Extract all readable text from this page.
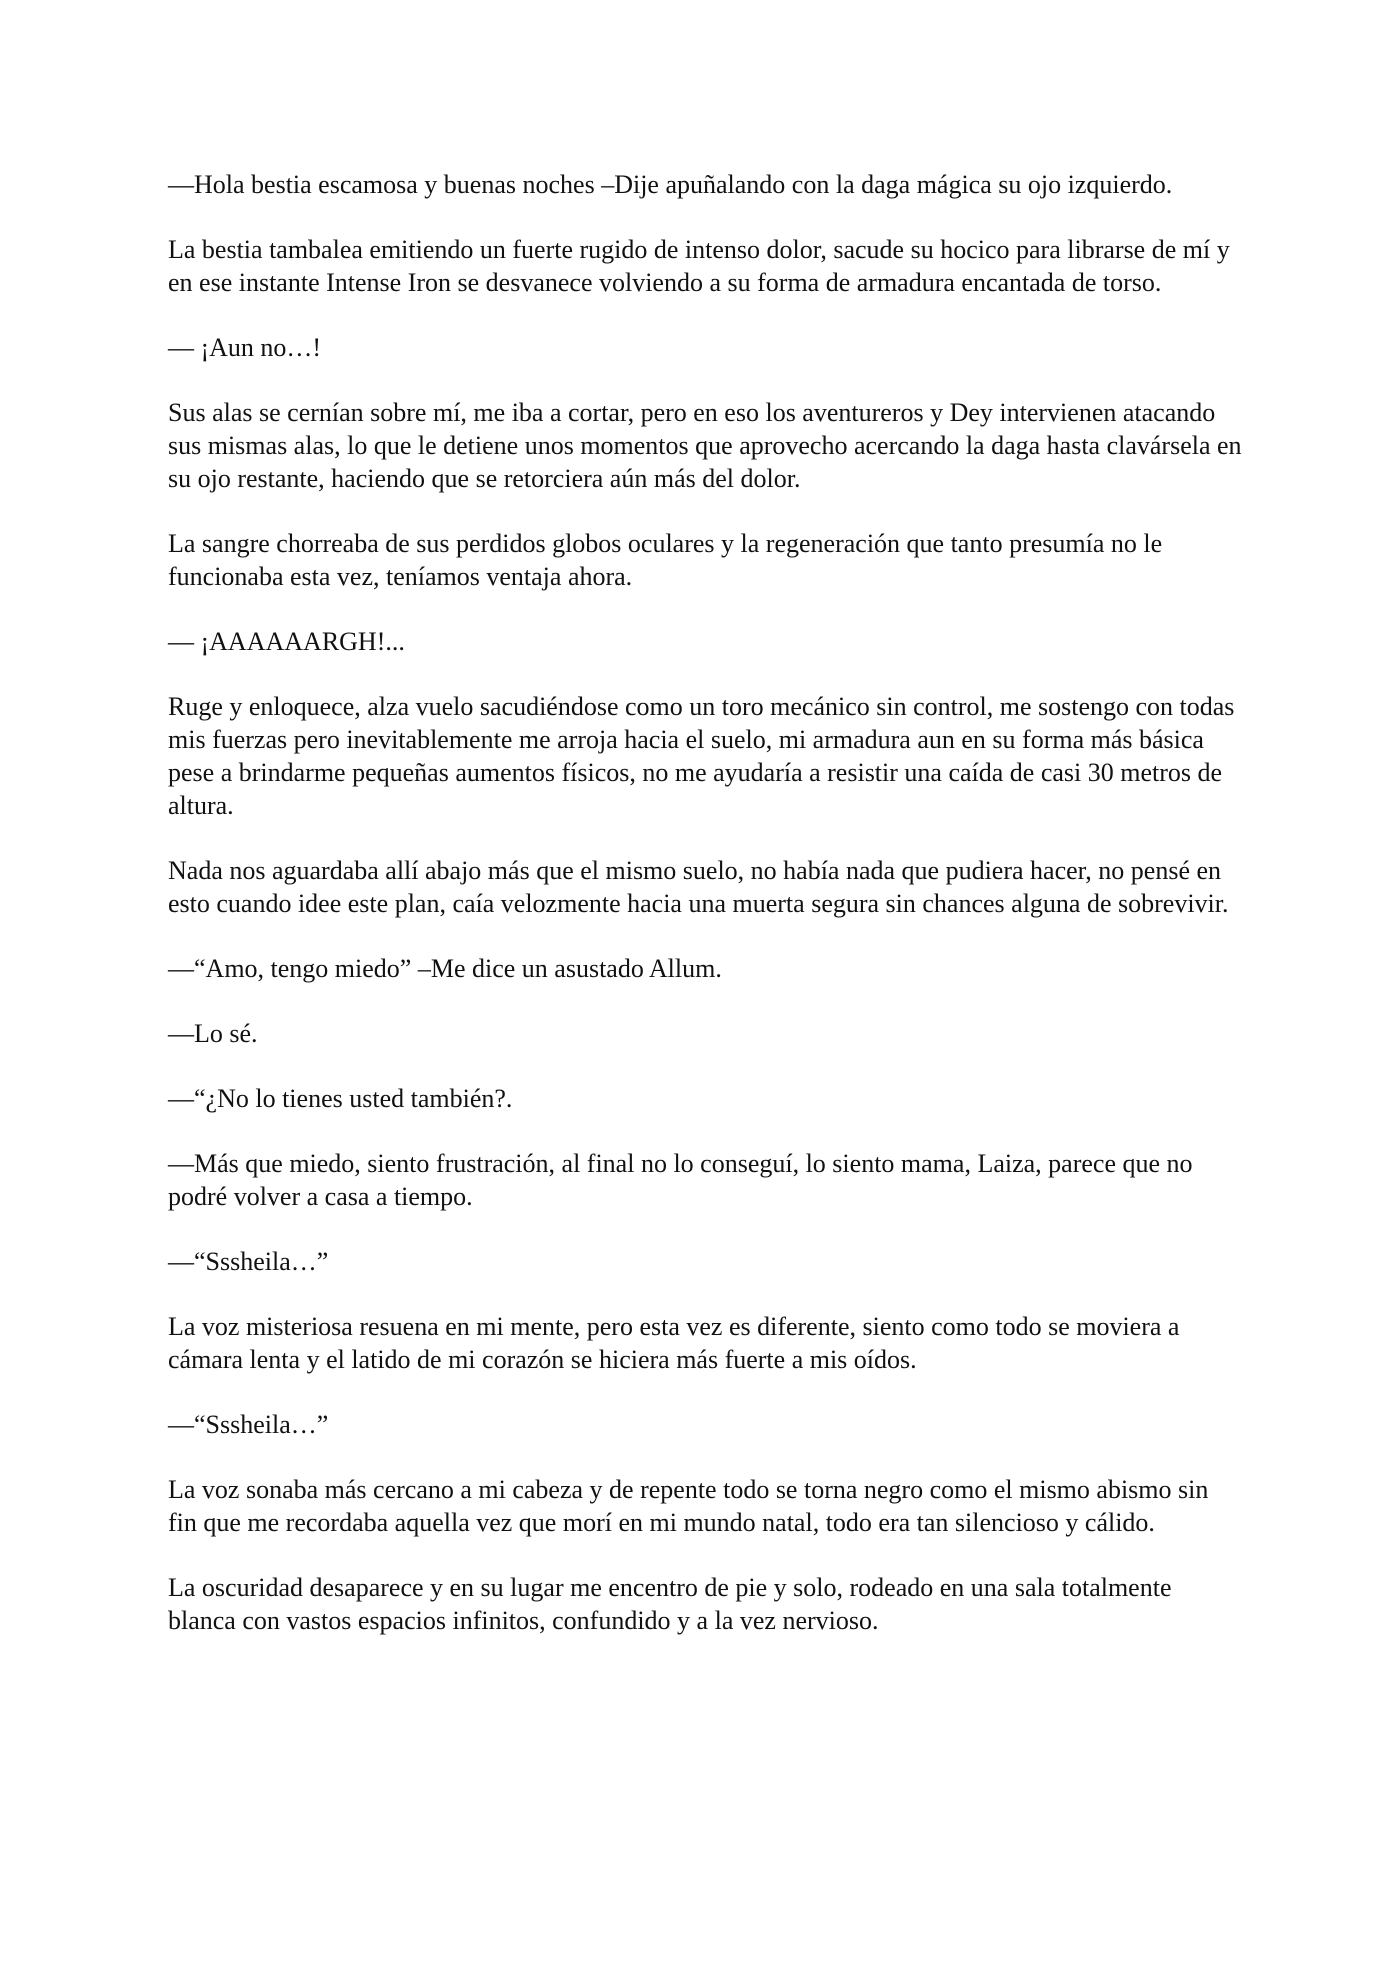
—Hola bestia escamosa y buenas noches –Dije apuñalando con la daga mágica su ojo izquierdo.

La bestia tambalea emitiendo un fuerte rugido de intenso dolor, sacude su hocico para librarse de mí y en ese instante Intense Iron se desvanece volviendo a su forma de armadura encantada de torso.

— ¡Aun no…!

Sus alas se cernían sobre mí, me iba a cortar, pero en eso los aventureros y Dey intervienen atacando sus mismas alas, lo que le detiene unos momentos que aprovecho acercando la daga hasta clavársela en su ojo restante, haciendo que se retorciera aún más del dolor.

La sangre chorreaba de sus perdidos globos oculares y la regeneración que tanto presumía no le funcionaba esta vez, teníamos ventaja ahora.

— ¡AAAAAARGH!...

Ruge y enloquece, alza vuelo sacudiéndose como un toro mecánico sin control, me sostengo con todas mis fuerzas pero inevitablemente me arroja hacia el suelo, mi armadura aun en su forma más básica pese a brindarme pequeñas aumentos físicos, no me ayudaría a resistir una caída de casi 30 metros de altura.

Nada nos aguardaba allí abajo más que el mismo suelo, no había nada que pudiera hacer, no pensé en esto cuando idee este plan, caía velozmente hacia una muerta segura sin chances alguna de sobrevivir.

—“Amo, tengo miedo” –Me dice un asustado Allum.

—Lo sé.

—“¿No lo tienes usted también?.

—Más que miedo, siento frustración, al final no lo conseguí, lo siento mama, Laiza, parece que no podré volver a casa a tiempo.

—“Sssheila…”

La voz misteriosa resuena en mi mente, pero esta vez es diferente, siento como todo se moviera a cámara lenta y el latido de mi corazón se hiciera más fuerte a mis oídos.

—“Sssheila…”

La voz sonaba más cercano a mi cabeza y de repente todo se torna negro como el mismo abismo sin fin que me recordaba aquella vez que morí en mi mundo natal, todo era tan silencioso y cálido.

La oscuridad desaparece y en su lugar me encentro de pie y solo, rodeado en una sala totalmente blanca con vastos espacios infinitos, confundido y a la vez nervioso.
